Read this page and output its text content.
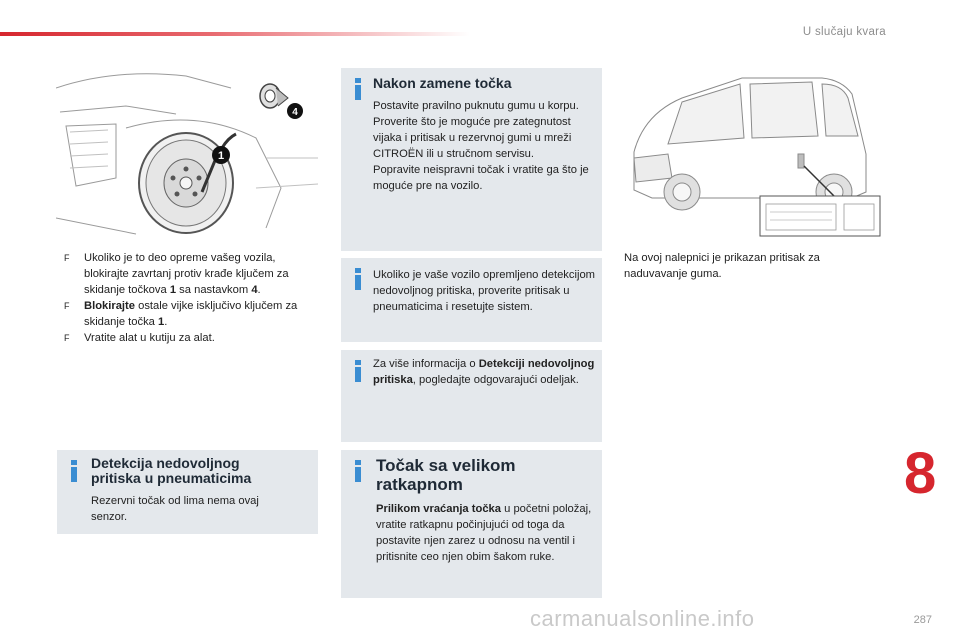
U slučaju kvara
1
4
F Ukoliko je to deo opreme vašeg vozila, blokirajte zavrtanj protiv krađe ključem za skidanje točkova 1 sa nastavkom 4.
F Blokirajte ostale vijke isključivo ključem za skidanje točka 1.
F Vratite alat u kutiju za alat.
Nakon zamene točka
Postavite pravilno puknutu gumu u korpu.
Proverite što je moguće pre zategnutost vijaka i pritisak u rezervnoj gumi u mreži CITROËN ili u stručnom servisu.
Popravite neispravni točak i vratite ga što je moguće pre na vozilo.
Ukoliko je vaše vozilo opremljeno detekcijom nedovoljnog pritiska, proverite pritisak u pneumaticima i resetujte sistem.
Za više informacija o Detekciji nedovoljnog pritiska, pogledajte odgovarajući odeljak.
Detekcija nedovoljnog
pritiska u pneumaticima
Rezervni točak od lima nema ovaj senzor.
Točak sa velikom
ratkapnom
Prilikom vraćanja točka u početni položaj, vratite ratkapnu počinjujući od toga da postavite njen zarez u odnosu na ventil i pritisnite ceo njen obim šakom ruke.
Na ovoj nalepnici je prikazan pritisak za naduvavanje guma.
8
carmanualsonline.info	287
